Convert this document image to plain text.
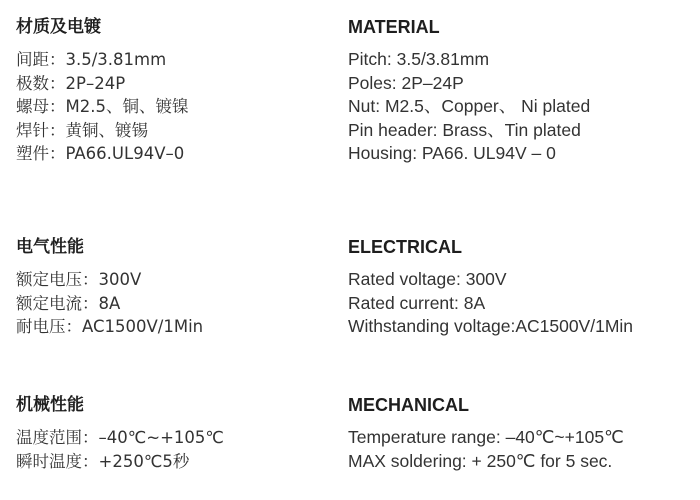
材质及电镀
间距：3.5/3.81mm
极数：2P–24P
螺母：M2.5、铜、镀镍
焊针：黄铜、镀锡
塑件：PA66.UL94V–0
电气性能
额定电压：300V
额定电流：8A
耐电压：AC1500V/1Min
机械性能
温度范围：–40℃~+105℃
瞬时温度：+250℃5秒
MATERIAL
Pitch: 3.5/3.81mm
Poles: 2P–24P
Nut: M2.5、Copper、 Ni plated
Pin header: Brass、Tin plated
Housing: PA66. UL94V – 0
ELECTRICAL
Rated voltage: 300V
Rated current: 8A
Withstanding voltage:AC1500V/1Min
MECHANICAL
Temperature range: –40℃~+105℃
MAX soldering: + 250℃ for 5 sec.
